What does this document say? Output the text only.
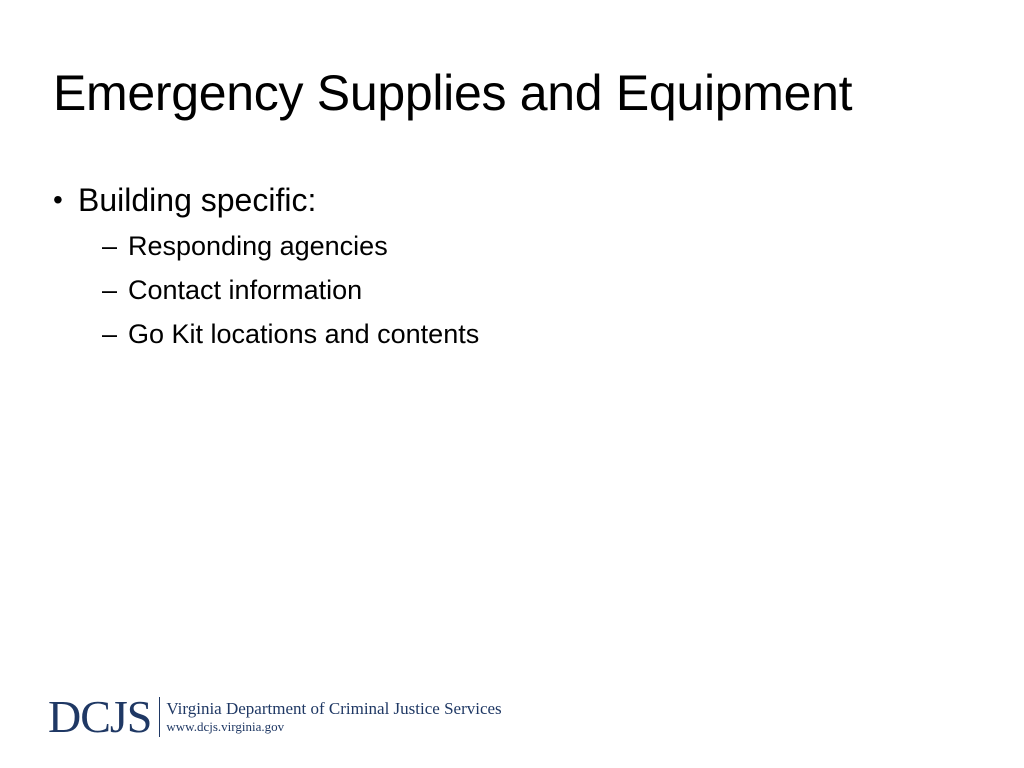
Emergency Supplies and Equipment
• Building specific:
– Responding agencies
– Contact information
– Go Kit locations and contents
DCJS Virginia Department of Criminal Justice Services
www.dcjs.virginia.gov
